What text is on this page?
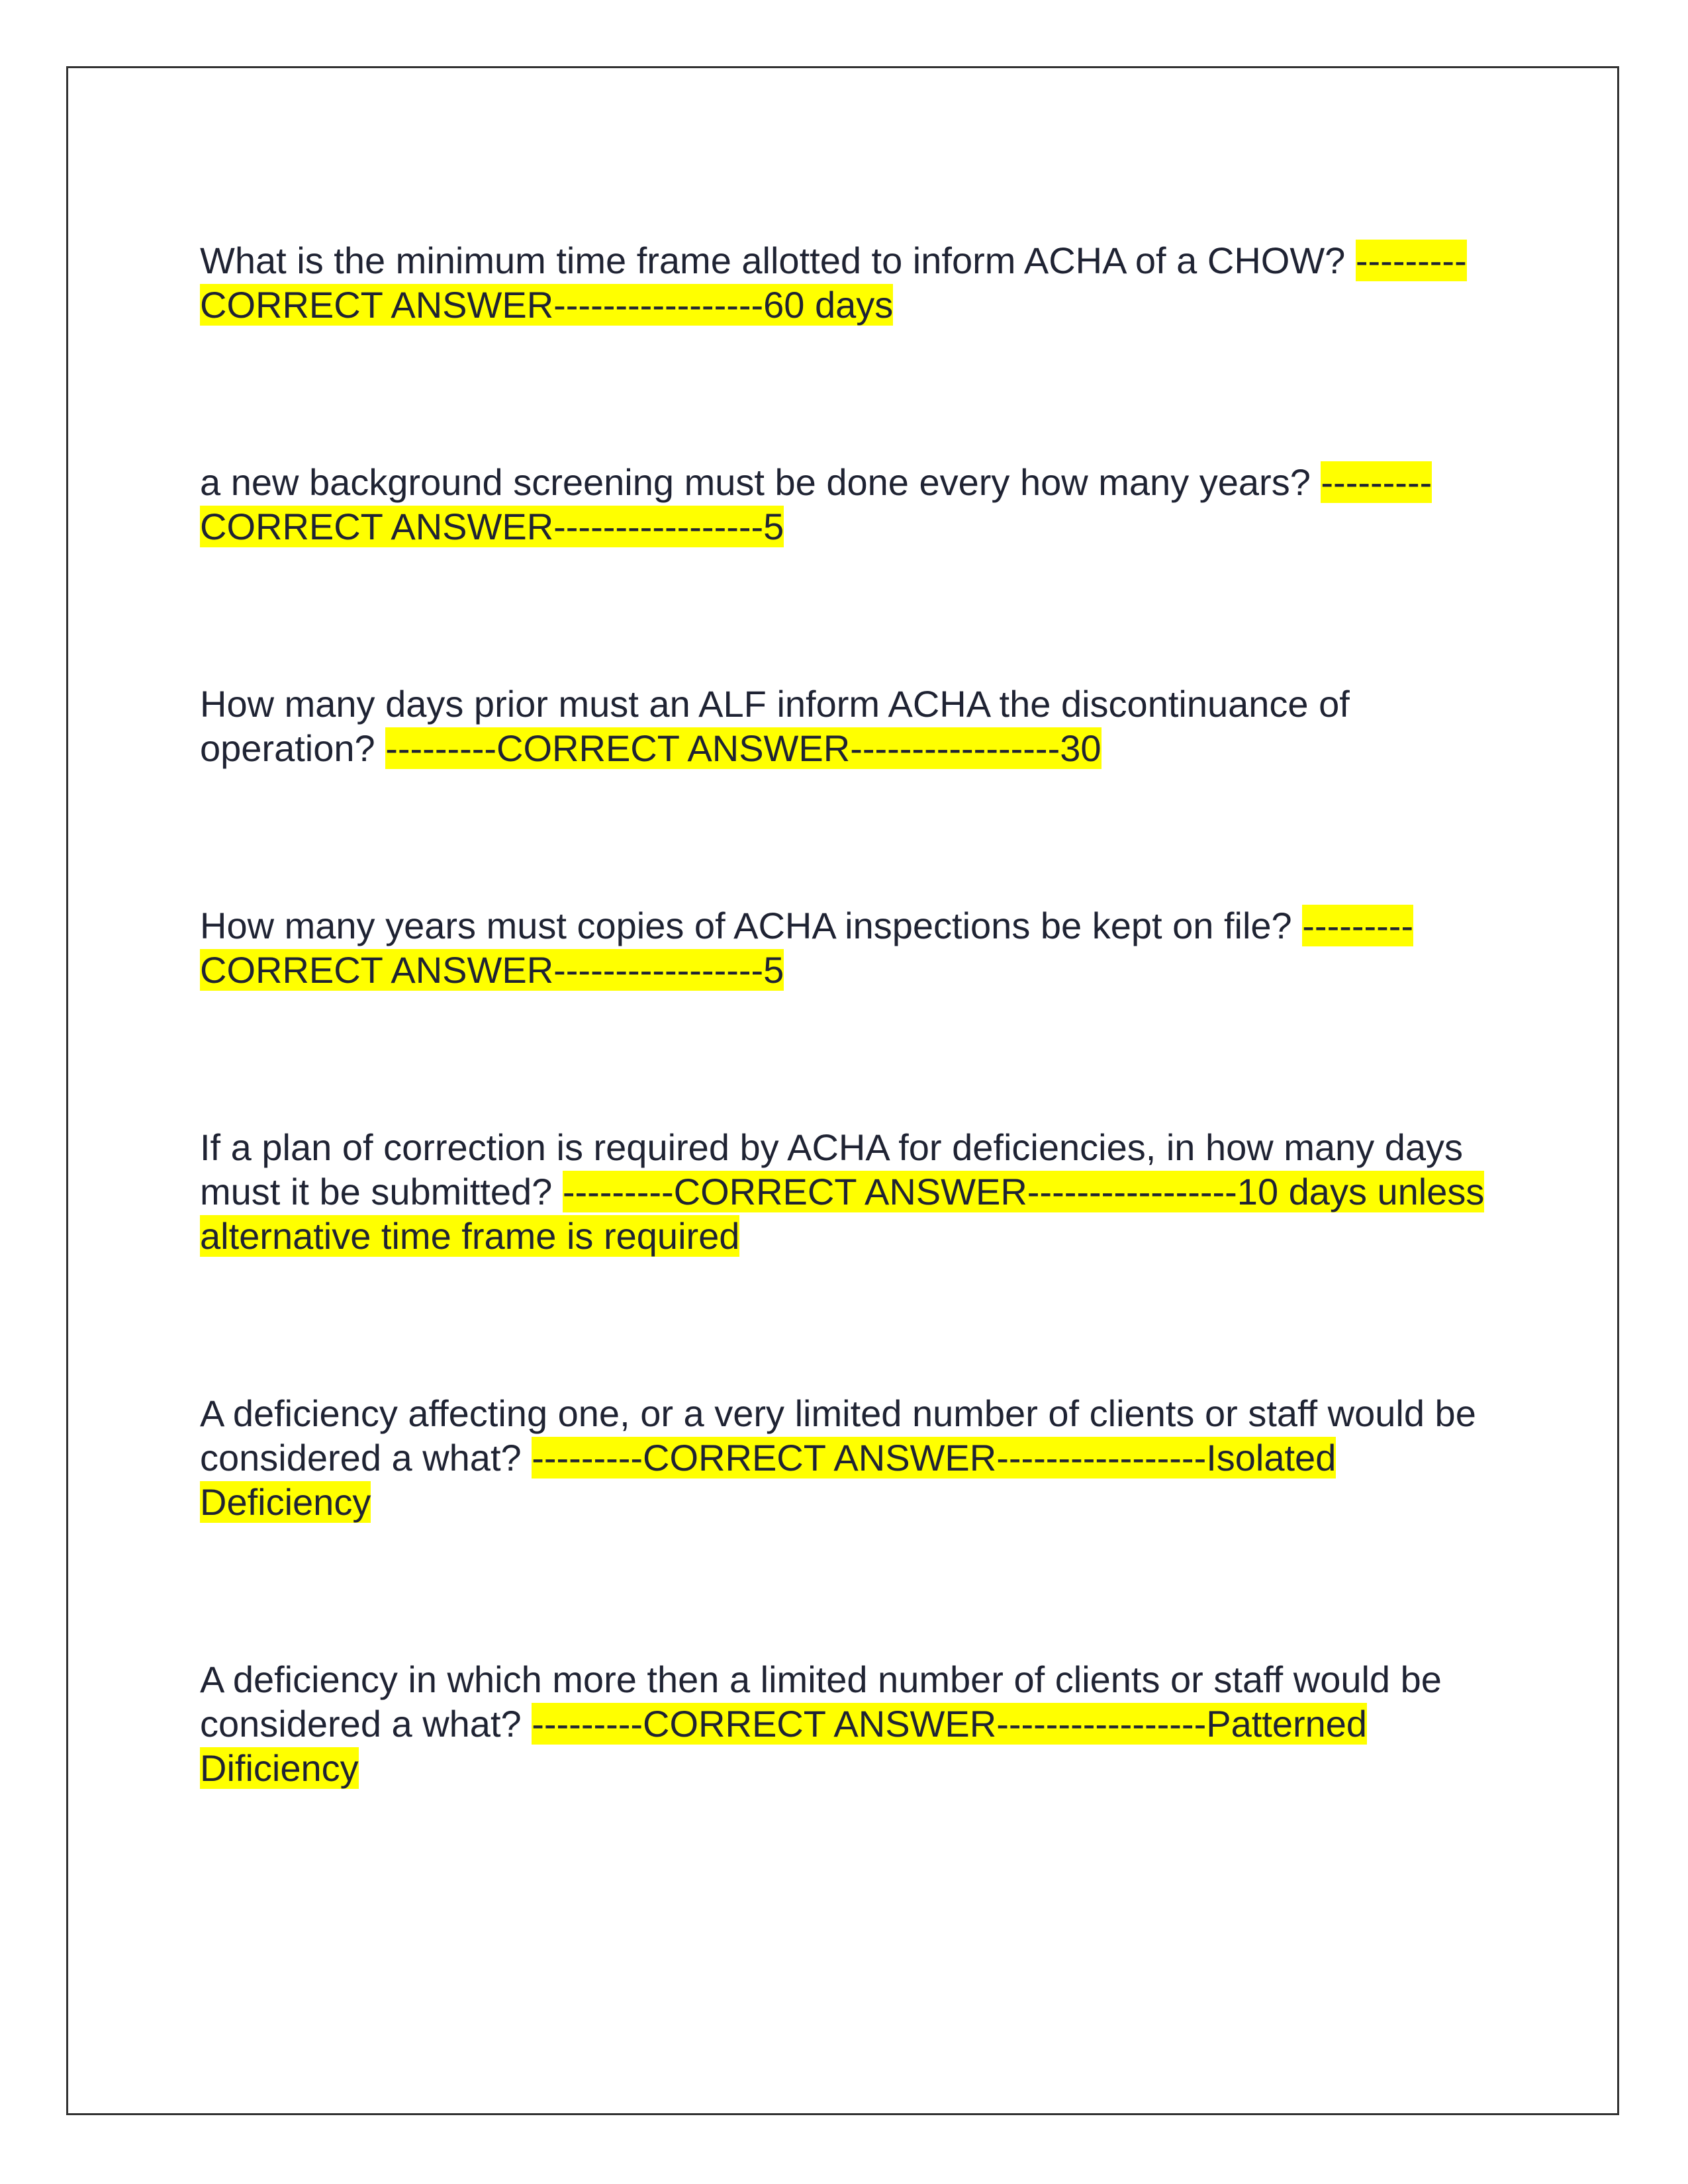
What is the minimum time frame allotted to inform ACHA of a CHOW? ---------CORRECT ANSWER-----------------60 days

a new background screening must be done every how many years? ---------CORRECT ANSWER-----------------5

How many days prior must an ALF inform ACHA the discontinuance of operation? ---------CORRECT ANSWER-----------------30

How many years must copies of ACHA inspections be kept on file? ---------CORRECT ANSWER-----------------5

If a plan of correction is required by ACHA for deficiencies, in how many days must it be submitted? ---------CORRECT ANSWER-----------------10 days unless alternative time frame is required

A deficiency affecting one, or a very limited number of clients or staff would be considered a what? ---------CORRECT ANSWER-----------------Isolated Deficiency

A deficiency in which more then a limited number of clients or staff would be considered a what? ---------CORRECT ANSWER-----------------Patterned Dificiency
